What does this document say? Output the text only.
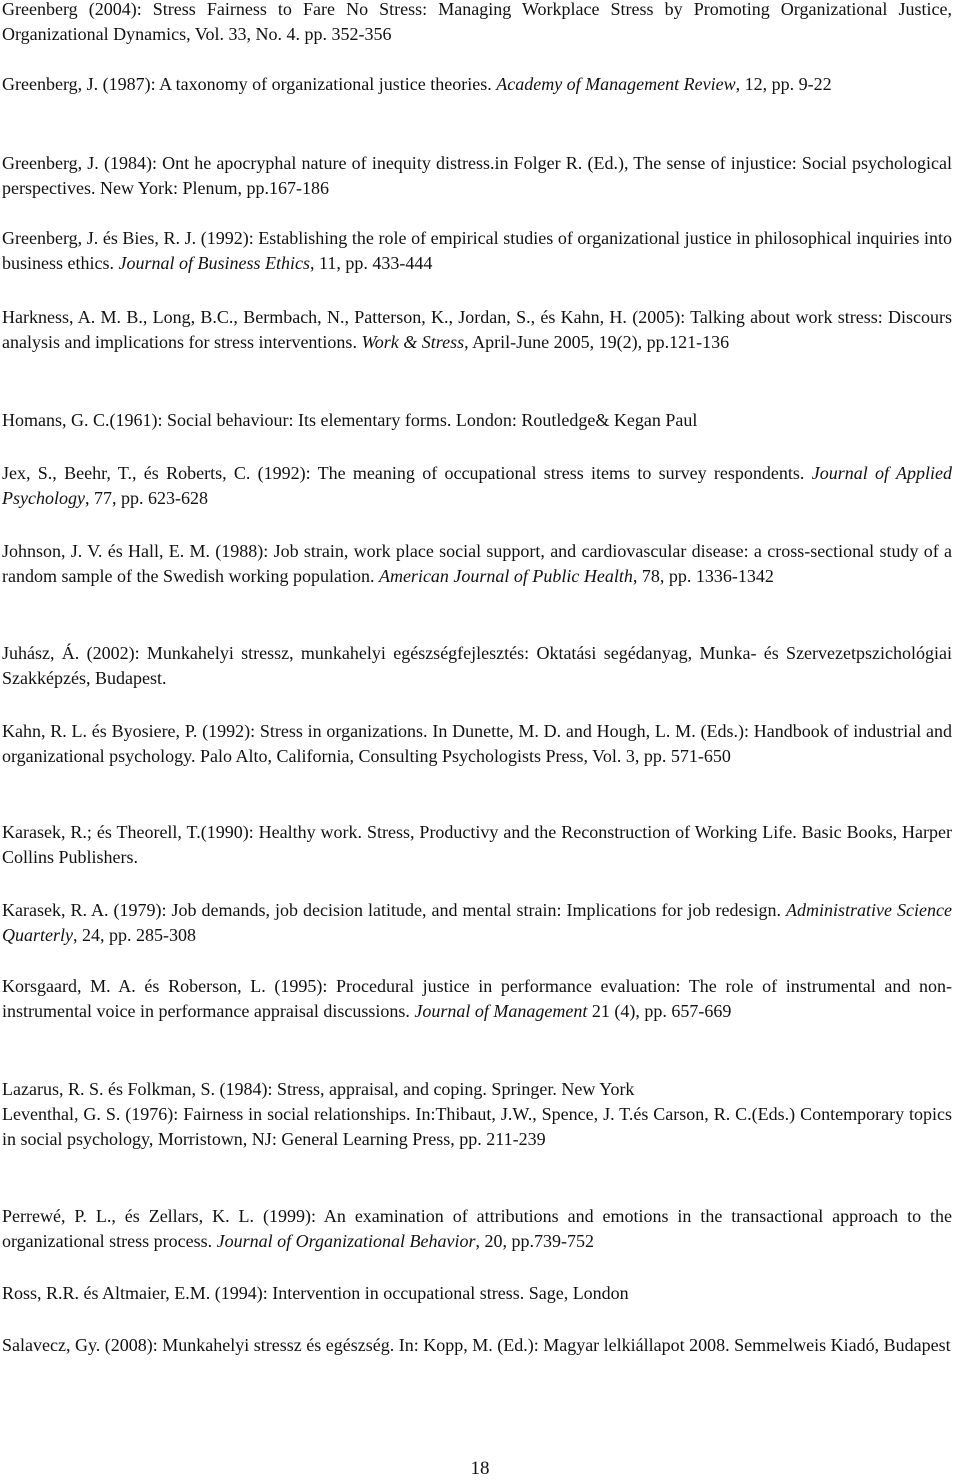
Greenberg (2004): Stress Fairness to Fare No Stress: Managing Workplace Stress by Promoting Organizational Justice, Organizational Dynamics, Vol. 33, No. 4. pp. 352-356

Greenberg, J. (1987): A taxonomy of organizational justice theories. Academy of Management Review, 12, pp. 9-22

Greenberg, J. (1984): Ont he apocryphal nature of inequity distress.in Folger R. (Ed.), The sense of injustice: Social psychological perspectives. New York: Plenum, pp.167-186

Greenberg, J. és Bies, R. J. (1992): Establishing the role of empirical studies of organizational justice in philosophical inquiries into business ethics. Journal of Business Ethics, 11, pp. 433-444

Harkness, A. M. B., Long, B.C., Bermbach, N., Patterson, K., Jordan, S., és Kahn, H. (2005): Talking about work stress: Discours analysis and implications for stress interventions. Work & Stress, April-June 2005, 19(2), pp.121-136

Homans, G. C.(1961): Social behaviour: Its elementary forms. London: Routledge& Kegan Paul

Jex, S., Beehr, T., és Roberts, C. (1992): The meaning of occupational stress items to survey respondents. Journal of Applied Psychology, 77, pp. 623-628

Johnson, J. V. és Hall, E. M. (1988): Job strain, work place social support, and cardiovascular disease: a cross-sectional study of a random sample of the Swedish working population. American Journal of Public Health, 78, pp. 1336-1342

Juhász, Á. (2002): Munkahelyi stressz, munkahelyi egészségfejlesztés: Oktatási segédanyag, Munka- és Szervezetpszichológiai Szakképzés, Budapest.

Kahn, R. L. és Byosiere, P. (1992): Stress in organizations. In Dunette, M. D. and Hough, L. M. (Eds.): Handbook of industrial and organizational psychology. Palo Alto, California, Consulting Psychologists Press, Vol. 3, pp. 571-650

Karasek, R.; és Theorell, T.(1990): Healthy work. Stress, Productivy and the Reconstruction of Working Life. Basic Books, Harper Collins Publishers.

Karasek, R. A. (1979): Job demands, job decision latitude, and mental strain: Implications for job redesign. Administrative Science Quarterly, 24, pp. 285-308

Korsgaard, M. A. és Roberson, L. (1995): Procedural justice in performance evaluation: The role of instrumental and non-instrumental voice in performance appraisal discussions. Journal of Management 21 (4), pp. 657-669

Lazarus, R. S. és Folkman, S. (1984): Stress, appraisal, and coping. Springer. New York

Leventhal, G. S. (1976): Fairness in social relationships. In:Thibaut, J.W., Spence, J. T.és Carson, R. C.(Eds.) Contemporary topics in social psychology, Morristown, NJ: General Learning Press, pp. 211-239

Perrewé, P. L., és Zellars, K. L. (1999): An examination of attributions and emotions in the transactional approach to the organizational stress process. Journal of Organizational Behavior, 20, pp.739-752

Ross, R.R. és Altmaier, E.M. (1994): Intervention in occupational stress. Sage, London

Salavecz, Gy. (2008): Munkahelyi stressz és egészség. In: Kopp, M. (Ed.): Magyar lelkiállapot 2008. Semmelweis Kiadó, Budapest

18
